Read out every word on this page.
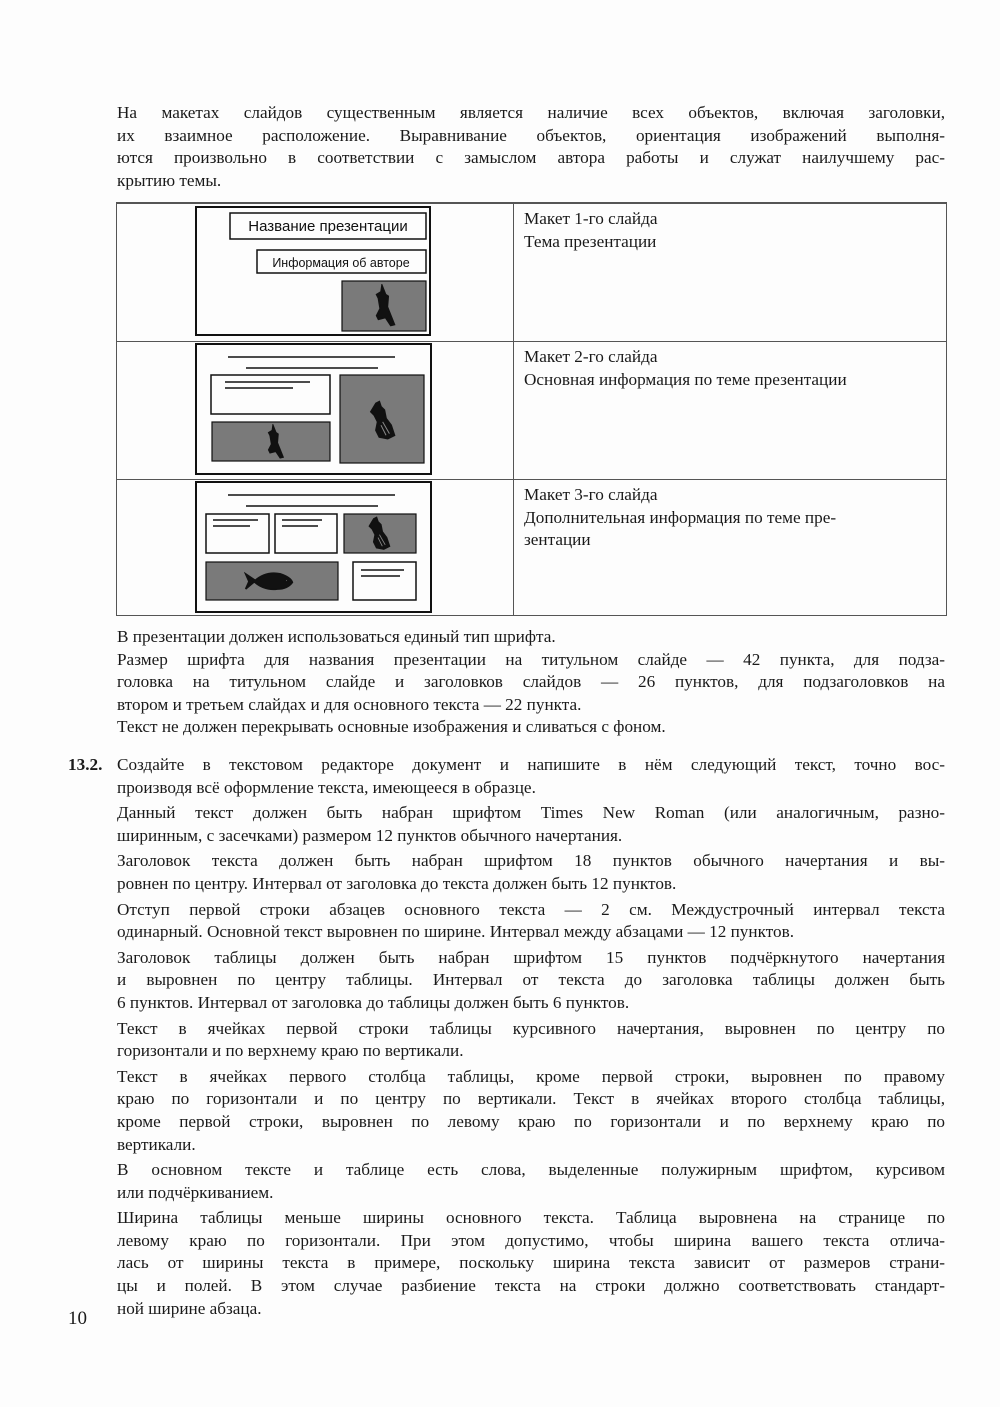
На макетах слайдов существенным является наличие всех объектов, включая заголовки,
их взаимное расположение. Выравнивание объектов, ориентация изображений выполня-
ются произвольно в соответствии с замыслом автора работы и служат наилучшему рас-
крытию темы.
Макет 1-го слайда
Тема презентации
Макет 2-го слайда
Основная информация по теме презентации
Макет 3-го слайда
Дополнительная информация по теме пре-
зентации
Название презентации
Информация об авторе
В презентации должен использоваться единый тип шрифта.
Размер шрифта для названия презентации на титульном слайде — 42 пункта, для подза-
головка на титульном слайде и заголовков слайдов — 26 пунктов, для подзаголовков на
втором и третьем слайдах и для основного текста — 22 пункта.
Текст не должен перекрывать основные изображения и сливаться с фоном.
13.2. Создайте в текстовом редакторе документ и напишите в нём следующий текст, точно вос-
производя всё оформление текста, имеющееся в образце.
Данный текст должен быть набран шрифтом Times New Roman (или аналогичным, разно-
ширинным, с засечками) размером 12 пунктов обычного начертания.
Заголовок текста должен быть набран шрифтом 18 пунктов обычного начертания и вы-
ровнен по центру. Интервал от заголовка до текста должен быть 12 пунктов.
Отступ первой строки абзацев основного текста — 2 см. Междустрочный интервал текста
одинарный. Основной текст выровнен по ширине. Интервал между абзацами — 12 пунктов.
Заголовок таблицы должен быть набран шрифтом 15 пунктов подчёркнутого начертания
и выровнен по центру таблицы. Интервал от текста до заголовка таблицы должен быть
6 пунктов. Интервал от заголовка до таблицы должен быть 6 пунктов.
Текст в ячейках первой строки таблицы курсивного начертания, выровнен по центру по
горизонтали и по верхнему краю по вертикали.
Текст в ячейках первого столбца таблицы, кроме первой строки, выровнен по правому
краю по горизонтали и по центру по вертикали. Текст в ячейках второго столбца таблицы,
кроме первой строки, выровнен по левому краю по горизонтали и по верхнему краю по
вертикали.
В основном тексте и таблице есть слова, выделенные полужирным шрифтом, курсивом
или подчёркиванием.
Ширина таблицы меньше ширины основного текста. Таблица выровнена на странице по
левому краю по горизонтали. При этом допустимо, чтобы ширина вашего текста отлича-
лась от ширины текста в примере, поскольку ширина текста зависит от размеров страни-
цы и полей. В этом случае разбиение текста на строки должно соответствовать стандарт-
ной ширине абзаца.
10
